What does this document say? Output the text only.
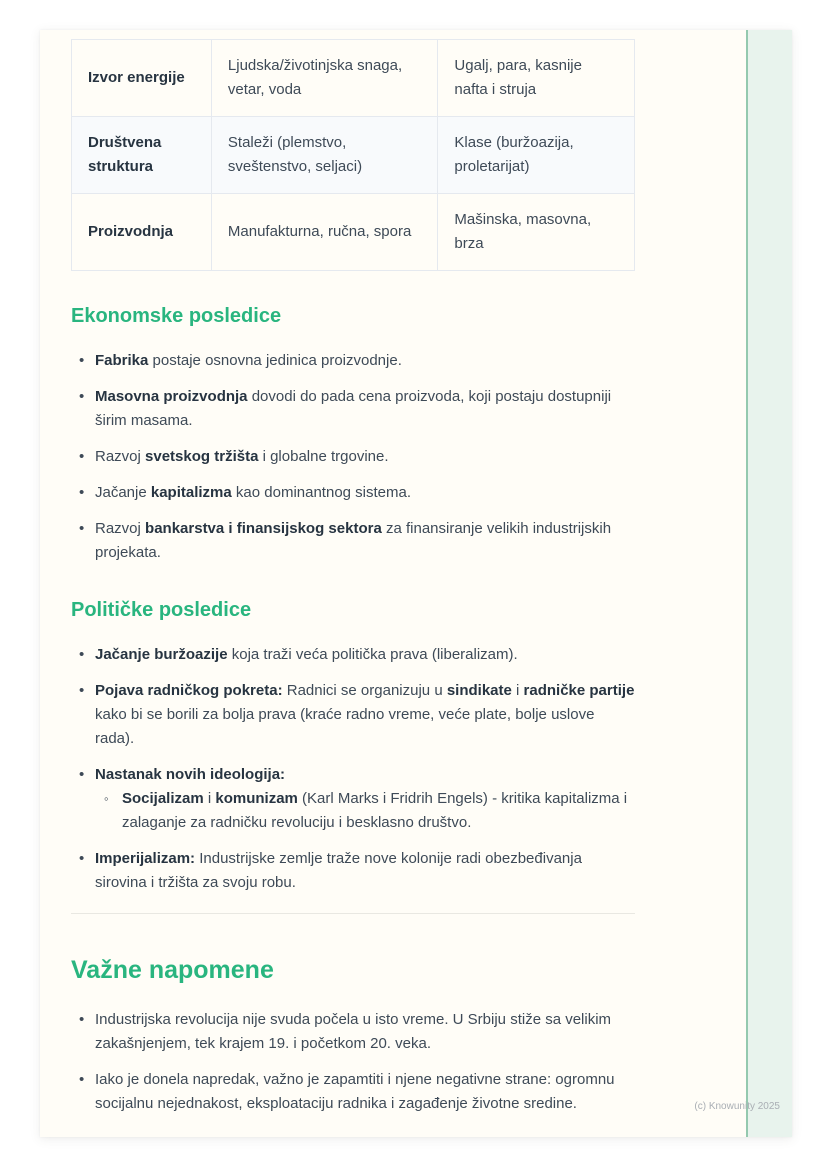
Izvor energije	Ljudska/životinjska snaga, vetar, voda	Ugalj, para, kasnije nafta i struja
Društvena struktura	Staleži (plemstvo, sveštenstvo, seljaci)	Klase (buržoazija, proletarijat)
Proizvodnja	Manufakturna, ručna, spora	Mašinska, masovna, brza
Ekonomske posledice
• Fabrika postaje osnovna jedinica proizvodnje.
• Masovna proizvodnja dovodi do pada cena proizvoda, koji postaju dostupniji širim masama.
• Razvoj svetskog tržišta i globalne trgovine.
• Jačanje kapitalizma kao dominantnog sistema.
• Razvoj bankarstva i finansijskog sektora za finansiranje velikih industrijskih projekata.
Političke posledice
• Jačanje buržoazije koja traži veća politička prava (liberalizam).
• Pojava radničkog pokreta: Radnici se organizuju u sindikate i radničke partije kako bi se borili za bolja prava (kraće radno vreme, veće plate, bolje uslove rada).
• Nastanak novih ideologija:
◦ Socijalizam i komunizam (Karl Marks i Fridrih Engels) - kritika kapitalizma i zalaganje za radničku revoluciju i besklasno društvo.
• Imperijalizam: Industrijske zemlje traže nove kolonije radi obezbeđivanja sirovina i tržišta za svoju robu.
Važne napomene
• Industrijska revolucija nije svuda počela u isto vreme. U Srbiju stiže sa velikim zakašnjenjem, tek krajem 19. i početkom 20. veka.
• Iako je donela napredak, važno je zapamtiti i njene negativne strane: ogromnu socijalnu nejednakost, eksploataciju radnika i zagađenje životne sredine.	(c) Knowunity 2025
